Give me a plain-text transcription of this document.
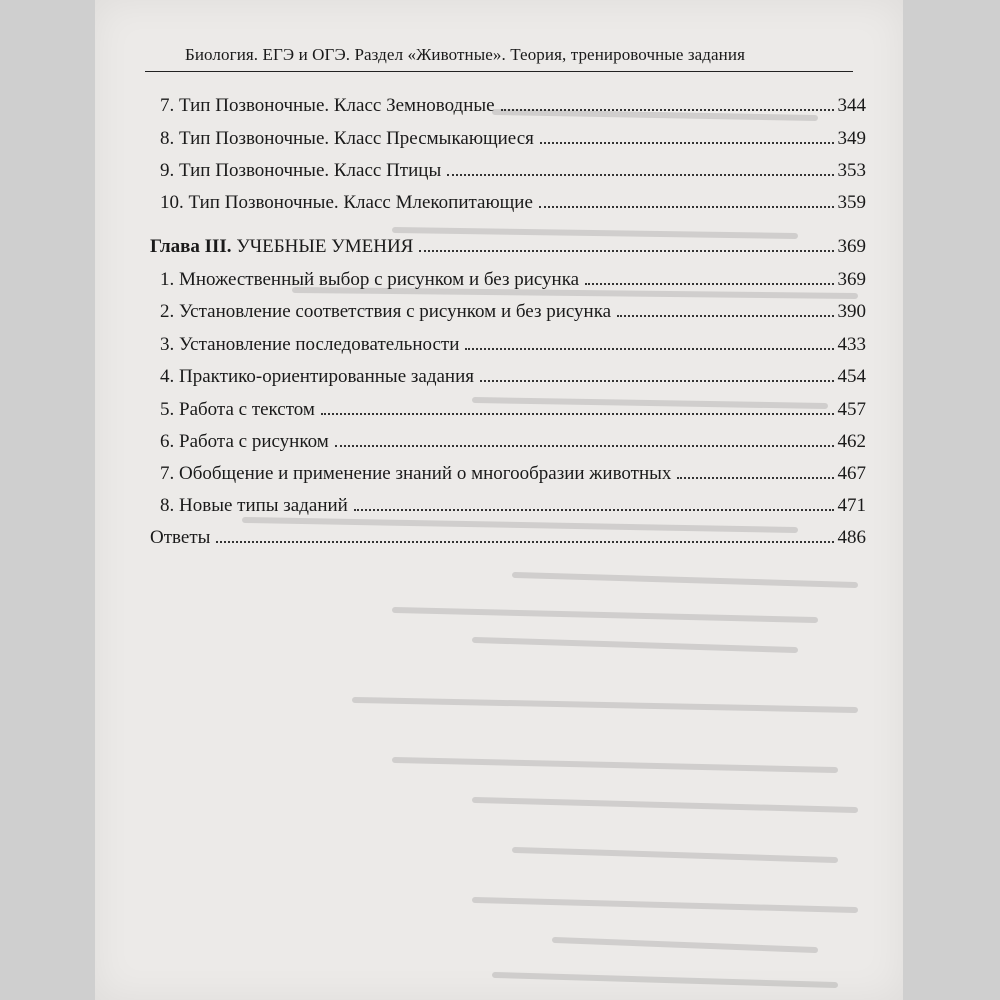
Биология. ЕГЭ и ОГЭ. Раздел «Животные». Теория, тренировочные задания
7. Тип Позвоночные. Класс Земноводные	344
8. Тип Позвоночные. Класс Пресмыкающиеся	349
9. Тип Позвоночные. Класс Птицы	353
10. Тип Позвоночные. Класс Млекопитающие	359
Глава III. УЧЕБНЫЕ УМЕНИЯ	369
1. Множественный выбор с рисунком и без рисунка	369
2. Установление соответствия с рисунком и без рисунка	390
3. Установление последовательности	433
4. Практико-ориентированные задания	454
5. Работа с текстом	457
6. Работа с рисунком	462
7. Обобщение и применение знаний о многообразии животных	467
8. Новые типы заданий	471
Ответы	486
